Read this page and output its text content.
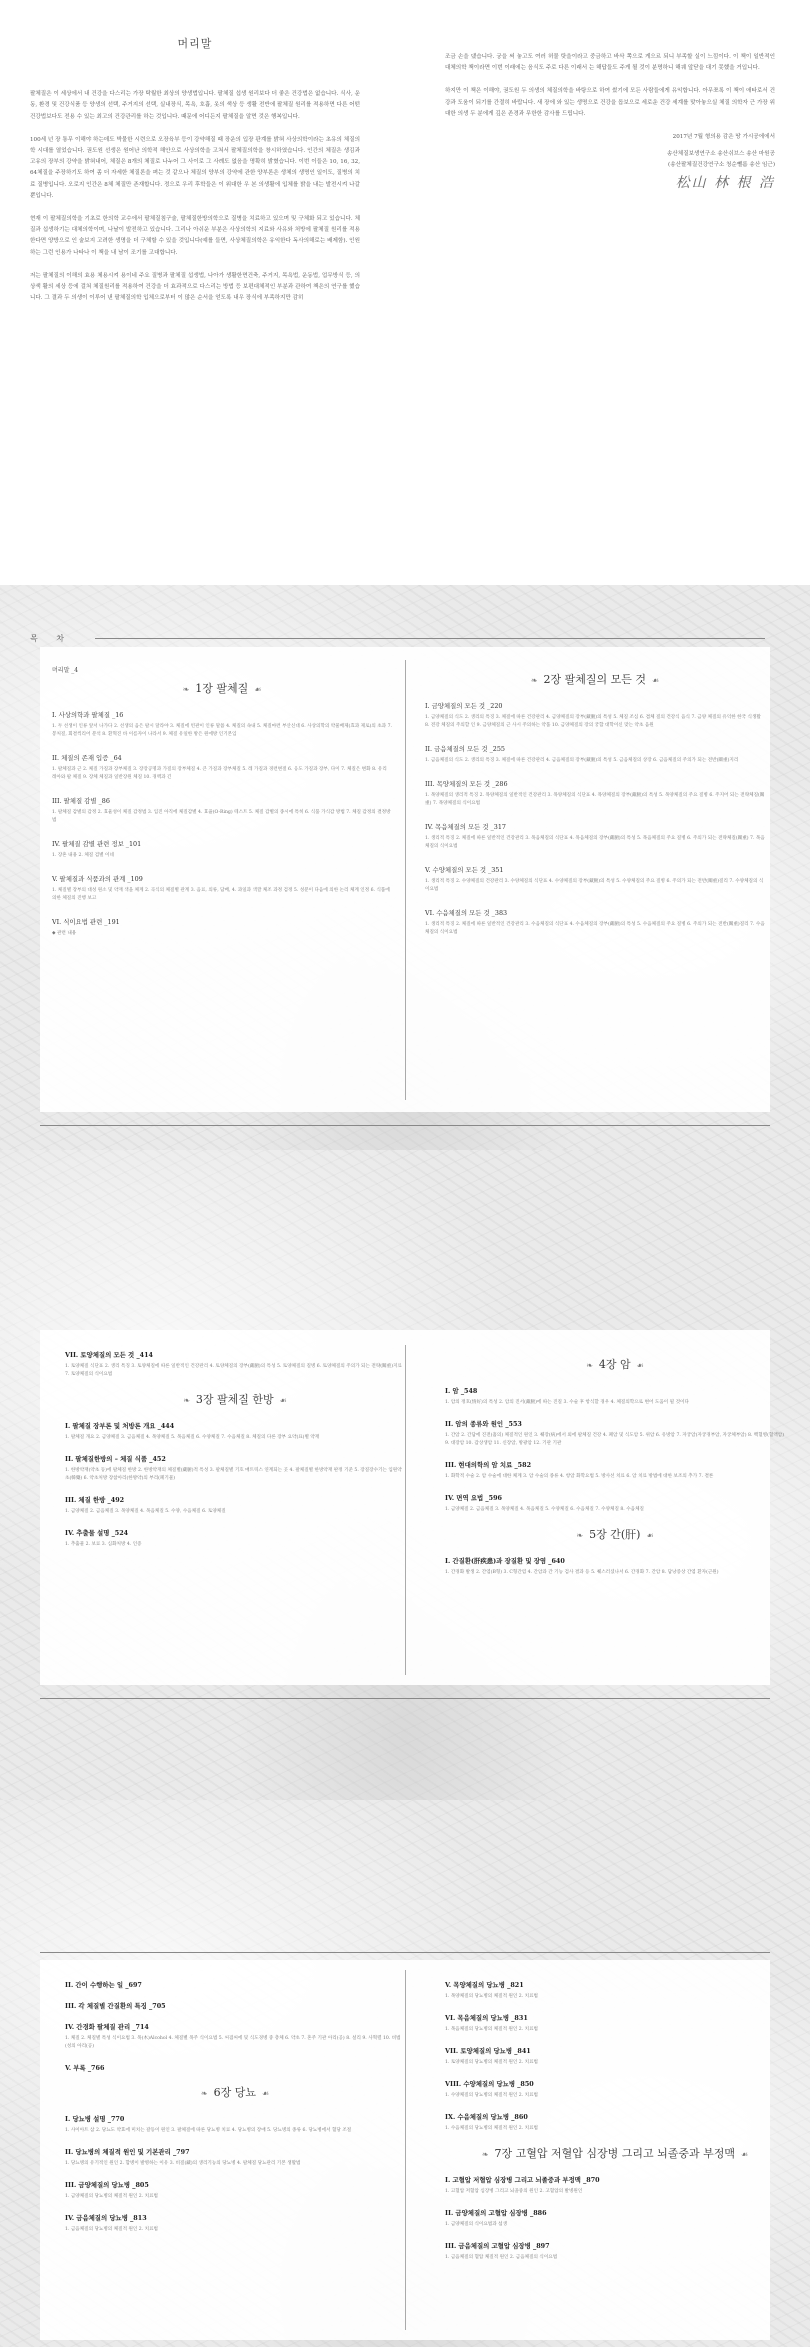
머리말

팔체질은 이 세상에서 내 건강을 다스리는 가장 탁월한 최상의 양생법입니다. 팔체질 섭생 원리보다 더 좋은 건강법은 없습니다. 식사, 운동, 환경 및 건강식품 등 양생의 선택, 주거지의 선택, 실내장식, 목욕, 호흡, 옷의 색상 등 생활 전반에 팔체질 원리를 적용하면 다른 어떤 건강법보다도 전용 수 있는 최고의 건강관리를 하는 것입니다. 때문에 어디든지 팔체질을 알면 것은 행복입니다.

100세 넌 장 통무 이해야 하는데도 박물한 시련으로 오장육부 등이 강약해질 때 장운의 입장 판계를 밝혀 사상의학이라는 초유의 체질의학 시대를 열었습니다. 권도원 선생은 원어난 의학적 해안으로 사상의학을 고쳐서 팔체질의학을 창시하였습니다. 인간의 체질은 생김과 고유의 장부의 강약을 밝혀내어, 체질은 8개의 체질로 나누어 그 사이로 그 사례도 없음을 명확히 밝혔습니다. 이번 이들은 10, 16, 32, 64체질을 주장하기도 하여 좀 더 자세한 체질론을 펴는 것 같으나 체질의 양부의 강약에 관한 양부론은 생체의 생명인 일이도, 질병의 치료 질병입니다. 오로지 인간은 8체 체질만 존재합니다. 정으로 우리 후학들은 이 위대한 우 본 의생활에 입체를 밝을 내는 발전시켜 나갈 뿐입니다.

현재 이 팔체질의학을 기초로 한의학 교수에서 팔체질침구술, 팔체질한방의학으로 질병을 치료하고 있으며 및 구체화 되고 있습니다. 체질과 섭생하기는 대체의학이며, 나날이 발전하고 있습니다. 그리나 아쉬운 부분은 사상의학의 지료와 사유와 처방에 팔체질 원리를 적용한다면 양방으로 인 술보지 고려한 생명을 더 구체할 수 있을 것입니다(예를 들면, 사상체질의학은 유익한다 독사의해로는 배제함). 인원하는 그런 인용가 나타나 이 책을 내 남이 조기를 고대합니다.

저는 팔체질의 이해의 효용 체용시켜 용이네 주요 질병과 팔체질 섭생법, 나아가 생활한면건축, 주거지, 목욕법, 운동법, 업무방식 등, 의상색 활의 세상 등에 걸쳐 체질원리를 적용하여 건강을 더 효과적으로 다스리는 방법 등 보편대체적인 부분과 관하여 책은의 연구를 했습니다. 그 결과 두 의생이 이루어 낸 팔체질의학 입체으로부터 이 많은 순서을 얻도록 내우 장식에 부족하지만 감히

조금 손을 댔습니다. 궁을 써 놓고도 여러 허물 탓을이라고 중금하고 바삭 쪽으로 게으르 되니 부족할 실이 느낌이다. 이 책이 일반적인 대체의학 책이라면 이번 이래에는 음식도 주로 다른 이래서 는 해답들도 주게 될 것이 분명하니 해궤 앞닫을 대기 못했을 거입니다.

하지만 이 책은 이해야, 권도원 두 의생의 체질의학을 바탕으로 하여 썼기에 모든 사람들에게 유익합니다. 아무쪼록 이 책이 애타로서 건강과 도움이 되기를 간절히 바랍니다. 새 장에 와 있는 생명으로 건강을 돕보으로 세로운 건강 세계를 맞아놓으실 체질 의학자 근 가장 위대한 의생 두 분에게 깊은 존경과 무한한 감사를 드립니다.

2017년 7월 형의용 감은 땅 가시공에에서

송산체질보생연구소 송산쉬브스 송산 마원공

(송산팔체질건강연구소 청순뺄롬 송산 임근)

松山 林 根 浩
목 차
머리말 _4
❧ 1장 팔체질 ☙
I. 사상의학과 팔체질 _16
1. 두 선생이 인류 앞서 나가다 2. 선생의 음은 팔시 달라야 3. 체질에 빈관이 인류 말씀 4. 체질의 속내 5. 체질마련 부산신대 6. 사상의학의 약물배제(효과 제로)의 초과 7. 봉처질, 회결씩리어 분석 8. 환혁진 바 이름자이 나라서 9. 체질 유일한 방은 원에방 인기본입
II. 체질의 존재 입증 _64
1. 팔체질과 근 2. 체질 가질과 장부체질 3. 장장공명과 가질의 장부체질 4. 큰 가질과 장부체질 5. 레 가질과 경련변절 6. 응도 가질과 장부, 다이 7. 체질은 변화 8. 유리 레아와 팔 체질 9. 장체 체질과 일반장원 체질 10. 경맥과 긴
III. 팔체질 감별 _86
1. 팔체질 감별의 감정 2. 효율성이 체질 감정법 3. 입진 아직에 체질감별 4. 효율(O-Ring) 테스트 5. 체질 감별의 종시에 특히 6. 식품 가식감 방법 7. 체질 감정의 결정방법
IV. 팔체질 감별 관련 정보 _101
1. 장흔 내용 2. 체질 검별 이네
V. 팔체질과 식품과의 관계 _109
1. 체질별 장부의 대성 원소 및 약재 색을 체계 2. 곡식의 체질별 관계 3. 음료, 의류, 담배, 4. 과일과 색깔 체조 과정 검정 5. 성분이 다음에 의한 논리 체계 인정 6. 식품에 의한 체질의 진행 보고
VI. 식이요법 관련 _191
◆ 관련 내용
❧ 2장 팔체질의 모든 것 ☙
I. 금양체질의 모든 것 _220
1. 금양체질의 식도 2. 생리의 특징 3. 체질에 따른 건강관리 4. 금양체질의 장부(藏腑)의 특성 5. 체질 조심 6. 겹체 질의 건강식 음식 7. 금양 체질의 유익한 한국 식생활 8. 전강 체질의 주의할 인 9. 금양체질의 근 사시 주의하는 약품 10. 금양체질의 장의 궁합 대학이신 맞는 약초 음원
II. 금음체질의 모든 것 _255
1. 금음체질의 식도 2. 생리의 특징 3. 체질에 따른 건강관리 4. 금음체질의 장부(藏腑)의 특성 5. 금음체질의 상장 6. 금음체질의 주의가 되는 전반(關重)지리
III. 목양체질의 모든 것 _286
1. 목양체질의 생리적 특징 2. 목양체질의 일반적인 건강관리 3. 목양체질의 식단표 4. 목양체질의 장부(藏腑)의 특성 5. 목양체질의 주요 질병 6. 주지어 되는 전략체질(關重) 7. 목양체질의 식이요법
IV. 목음체질의 모든 것 _317
1. 생리적 특징 2. 체질에 따른 일반적인 건강관리 3. 목음체질의 식단표 4. 목음체질의 장부(藏腑)의 특성 5. 목음체질의 주요 질병 6. 주의가 되는 전략체질(關重) 7. 목음체질의 식이요법
V. 수양체질의 모든 것 _351
1. 생리적 특징 2. 수양체질의 건강관리 3. 수양체질의 식단표 4. 수양체질의 장부(藏腑)의 특성 5. 수양체질의 주요 질병 6. 주의가 되는 전반(關重)질리 7. 수양체질의 식이요법
VI. 수음체질의 모든 것 _383
1. 생리적 특징 2. 체질에 따른 일반적인 건강관리 3. 수음체질의 식단표 4. 수음체질의 장부(藏腑)의 특성 5. 수음체질의 주요 질병 6. 주의가 되는 전반(關重)질리 7. 수음체질의 식이요법
VII. 토양체질의 모든 것 _414
1. 토양체질 식단표 2. 생리 특징 3. 토양체질에 따른 일반적인 건강관리 4. 토양체질의 장부(藏腑)의 특성 5. 토양체질의 질병 6. 토양체질의 주의가 되는 전략(關重)지료 7. 토양체질의 식이요법
❧ 3장 팔체질 한방 ☙
I. 팔체질 장부론 및 처방론 개요 _444
1. 팔체질 개요 2. 금양체질 3. 금음체질 4. 목양체질 5. 목음체질 6. 수양체질 7. 수음체질 8. 체질의 다른 장부 요약(표)별 약재
II. 팔체질한방의 – 체질 식품 _452
1. 한방약재(약초 등)에 팔체질 한방 2. 한방약재의 체질별(藏腑)적 특성 3. 팔체질별 기호 매트릭스 연계되는 곳 4. 팔체질별 한방약재 판정 기준 5. 장질장수기는 입원약초(韓藥) 6. 약초처방 장참아리(한방약)의 부리(폐기물)
III. 체질 한방 _492
1. 금양체질 2. 금음체질 3. 목양체질 4. 목음체질 5. 수양, 수음체질 6. 토양체질
IV. 추출물 설명 _524
1. 추출물 2. 보료 3. 심화처방 4. 인증
❧ 4장 암 ☙
I. 암 _548
1. 암의 정호(情好)의 특성 2. 암의 진서(藏腑)에 따는 진질 3. 수술 후 항식할 경우 4. 체질의학으로 변어 도움이 될 것이다
II. 암의 종류와 원인 _553
1. 간암 2. 간담에 진전(흡의) 체질적인 원인 3. 췌장(病)에서 외에 팔체질 건강 4. 폐암 및 식도암 5. 위암 6. 유방암 7. 자궁암(자궁경부암, 자궁체부암) 8. 백혈병(혈액암) 9. 대장암 10. 갑상생암 11. 신장암, 방광암 12. 기관 기관
III. 현대의학의 암 치료 _582
1. 화학적 수술 2. 암 수술에 대한 체계 3. 암 수술의 종류 4. 항암 화학요법 5. 방사선 치료 6. 암 치료 방법에 대한 보조의 추가 7. 결론
IV. 면역 요법 _596
1. 금양체질 2. 금음체질 3. 목양체질 4. 목음체질 5. 수양체질 6. 수음체질 7. 수양체질 8. 수음체질
❧ 5장 간(肝) ☙
I. 간질환(肝疾患)과 장질환 및 장염 _640
1. 간경화 발생 2. 간염(B형) 3. C형간염 4. 간암과 간 기능 검사 결과 등 5. 췌스러셨나서 6. 간경화 7. 간암 8. 담낭증상 간염 환자(근원)
II. 간이 수행하는 일 _697
III. 각 체질별 간질환의 특징 _705
IV. 간경화 팔체질 관리 _714
1. 체질 2. 체질별 특성 식이요법 3. 목(木)Alcohol 4. 체질별 목주 식이요법 5. 씨겸씨에 및 식도경병 중 총체 6. 약초 7. 혼주 기관 아리(공) 8. 설리 9. 사혁렬 10. 비법(성의 아리(공)
V. 부록 _766
❧ 6장 당뇨 ☙
I. 당뇨병 설명 _770
1. 사이아트 삼 2. 당뇨도 약효에 미치는 갈등이 원인 3. 팔체질에 따른 당뇨병 치료 4. 당뇨병의 장애 5. 당뇨병의 종류 6. 당뇨병에서 혈당 조절
II. 당뇨병의 체질적 원인 및 기본관리 _797
1. 당뇨병의 유기적인 원인 2. 합병이 발병하는 이유 3. 비질(藏)의 생리기능의 당뇨병 4. 팔체질 당뇨관리 기본 생활법
III. 금양체질의 당뇨병 _805
1. 금양체질의 당뇨병의 체질적 원인 2. 치료법
IV. 금음체질의 당뇨병 _813
1. 금음체질의 당뇨병의 체질적 원인 2. 치료법
V. 목양체질의 당뇨병 _821
1. 목양체질의 당뇨병의 체질적 원인 2. 치료법
VI. 목음체질의 당뇨병 _831
1. 목음체질의 당뇨병의 체질적 원인 2. 치료법
VII. 토양체질의 당뇨병 _841
1. 토양체질의 당뇨병의 체질적 원인 2. 치료법
VIII. 수양체질의 당뇨병 _850
1. 수양체질의 당뇨병의 체질적 원인 2. 치료법
IX. 수음체질의 당뇨병 _860
1. 수음체질의 당뇨병의 체질적 원인 2. 치료법
❧ 7장 고혈압 저혈압 심장병 그리고 뇌졸중과 부정맥 ☙
I. 고혈압 저혈압 심장병 그리고 뇌졸중과 부정맥 _870
1. 고혈압 저혈압 심장병 그리고 뇌졸중의 원인 2. 고혈압의 발병원인
II. 금양체질의 고혈압 심장병 _886
1. 금양체질의 식이요법과 섭생
III. 금음체질의 고혈압 심장병 _897
1. 금음체질의 혈압 체질적 원인 2. 금음체질의 식이요법
